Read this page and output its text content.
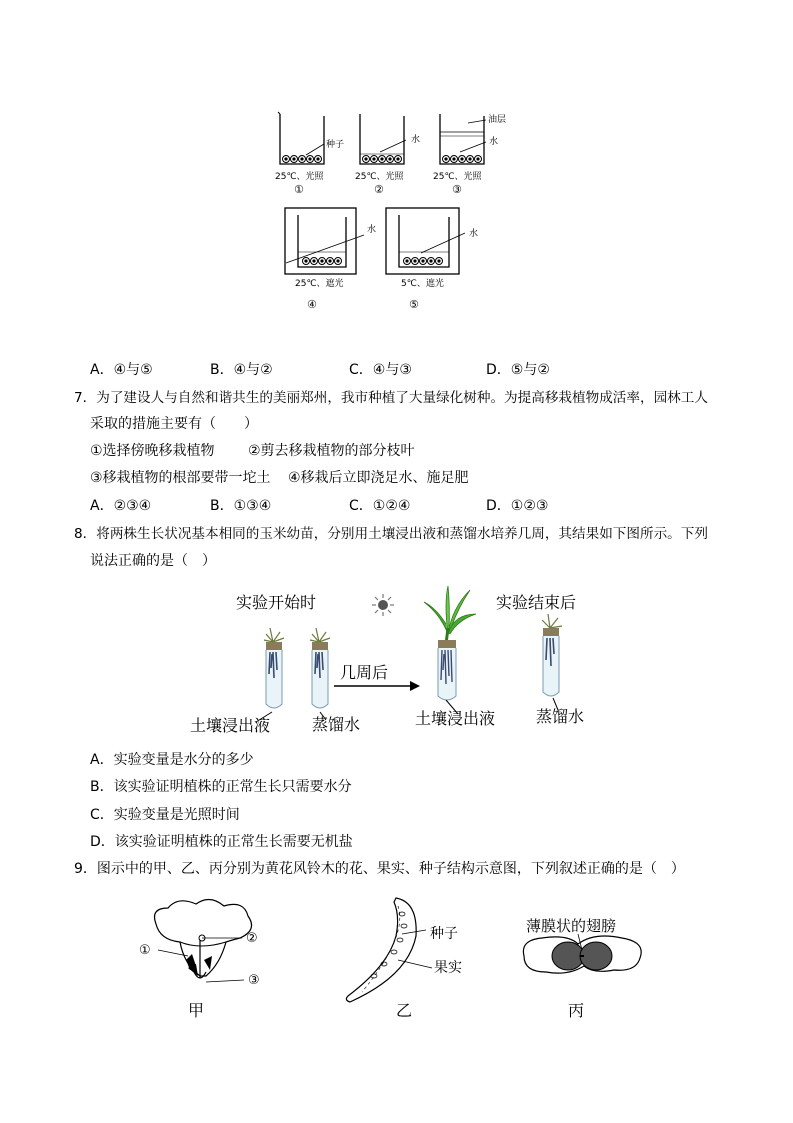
种子
25℃、光照
①
水
25℃、光照
②
油层
水
25℃、光照
③
水
25℃、遮光
④
水
5℃、遮光
⑤
A．④与⑤	B．④与②	C．④与③	D．⑤与②
7．为了建设人与自然和谐共生的美丽郑州，我市种植了大量绿化树种。为提高移栽植物成活率，园林工人
采取的措施主要有（　　）
①选择傍晚移栽植物 ②剪去移栽植物的部分枝叶
③移栽植物的根部要带一坨土 ④移栽后立即浇足水、施足肥
A．②③④	B．①③④	C．①②④	D．①②③
8．将两株生长状况基本相同的玉米幼苗，分别用土壤浸出液和蒸馏水培养几周，其结果如下图所示。下列
说法正确的是（　）
实验开始时	实验结束后
几周后
土壤浸出液	蒸馏水	土壤浸出液	蒸馏水
A．实验变量是水分的多少
B．该实验证明植株的正常生长只需要水分
C．实验变量是光照时间
D．该实验证明植株的正常生长需要无机盐
9．图示中的甲、乙、丙分别为黄花风铃木的花、果实、种子结构示意图，下列叙述正确的是（　）
①
②
③
种子
果实
薄膜状的翅膀
甲	乙	丙
